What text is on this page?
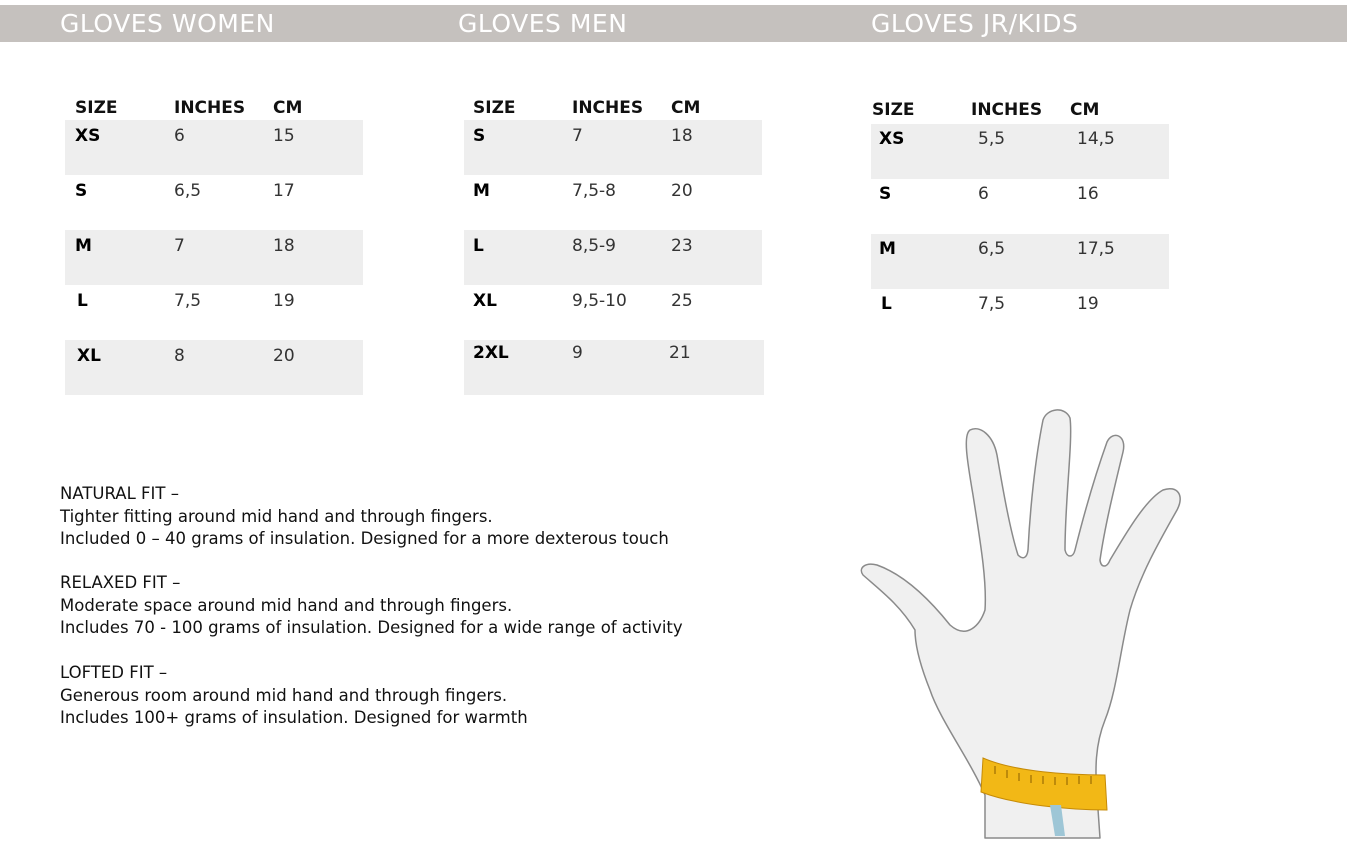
GLOVES WOMEN	GLOVES MEN	GLOVES JR/KIDS
SIZE	INCHES CM
XS	6	15
S	6,5	17
M	7	18
L	7,5	19
XL	8	20
SIZE	INCHES CM
S	7	18
M	7,5-8	20
L	8,5-9	23
XL	9,5-10	25
2XL	9	21
SIZE	INCHES CM
XS	5,5	14,5
S	6	16
M	6,5	17,5
L	7,5	19
NATURAL FIT –
Tighter fitting around mid hand and through fingers.
Included 0 – 40 grams of insulation. Designed for a more dexterous touch
RELAXED FIT –
Moderate space around mid hand and through fingers.
Includes 70 - 100 grams of insulation. Designed for a wide range of activity
LOFTED FIT –
Generous room around mid hand and through fingers.
Includes 100+ grams of insulation. Designed for warmth
